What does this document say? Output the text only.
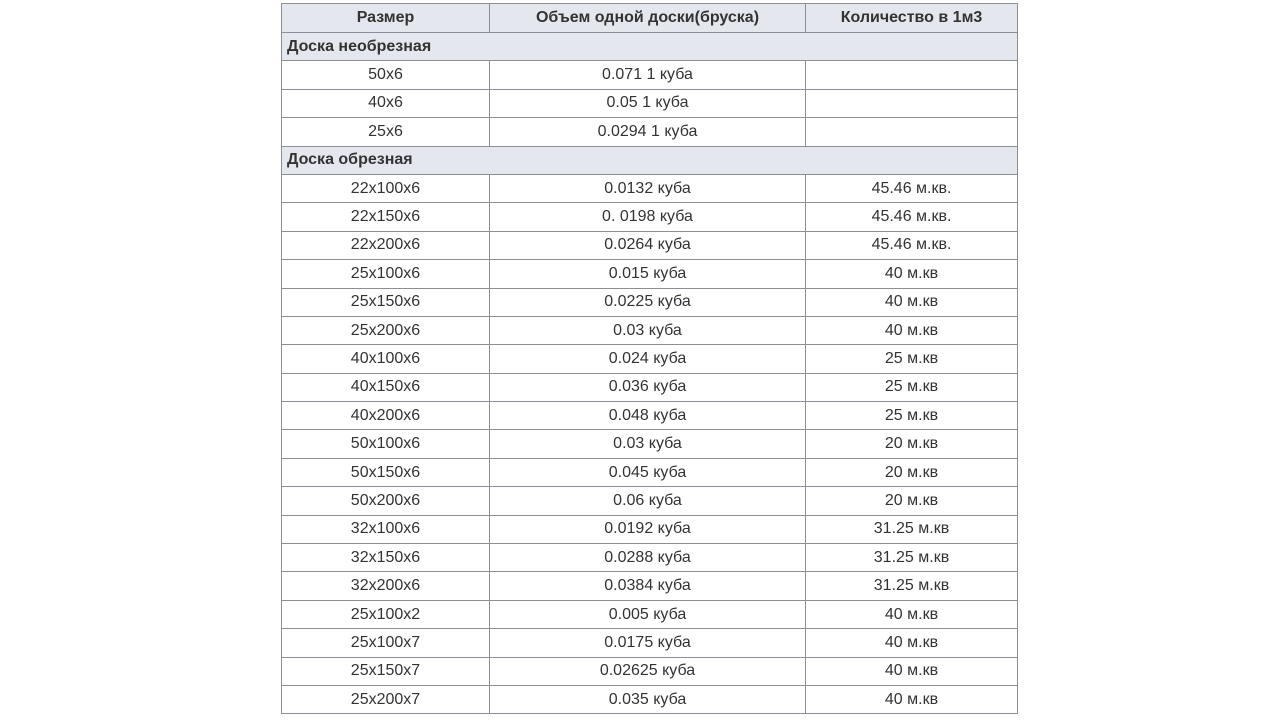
Размер	Объем одной доски(бруска)	Количество в 1м3
Доска необрезная		
50х6	0.071 1 куба	
40х6	0.05 1 куба	
25х6	0.0294 1 куба	
Доска обрезная		
22х100х6	0.0132 куба	45.46 м.кв.
22х150х6	0. 0198 куба	45.46 м.кв.
22х200х6	0.0264 куба	45.46 м.кв.
25х100х6	0.015 куба	40 м.кв
25х150х6	0.0225 куба	40 м.кв
25х200х6	0.03 куба	40 м.кв
40х100х6	0.024 куба	25 м.кв
40х150х6	0.036 куба	25 м.кв
40х200х6	0.048 куба	25 м.кв
50х100х6	0.03 куба	20 м.кв
50х150х6	0.045 куба	20 м.кв
50х200х6	0.06 куба	20 м.кв
32х100х6	0.0192 куба	31.25 м.кв
32х150х6	0.0288 куба	31.25 м.кв
32х200х6	0.0384 куба	31.25 м.кв
25х100х2	0.005 куба	40 м.кв
25х100х7	0.0175 куба	40 м.кв
25х150х7	0.02625 куба	40 м.кв
25х200х7	0.035 куба	40 м.кв
